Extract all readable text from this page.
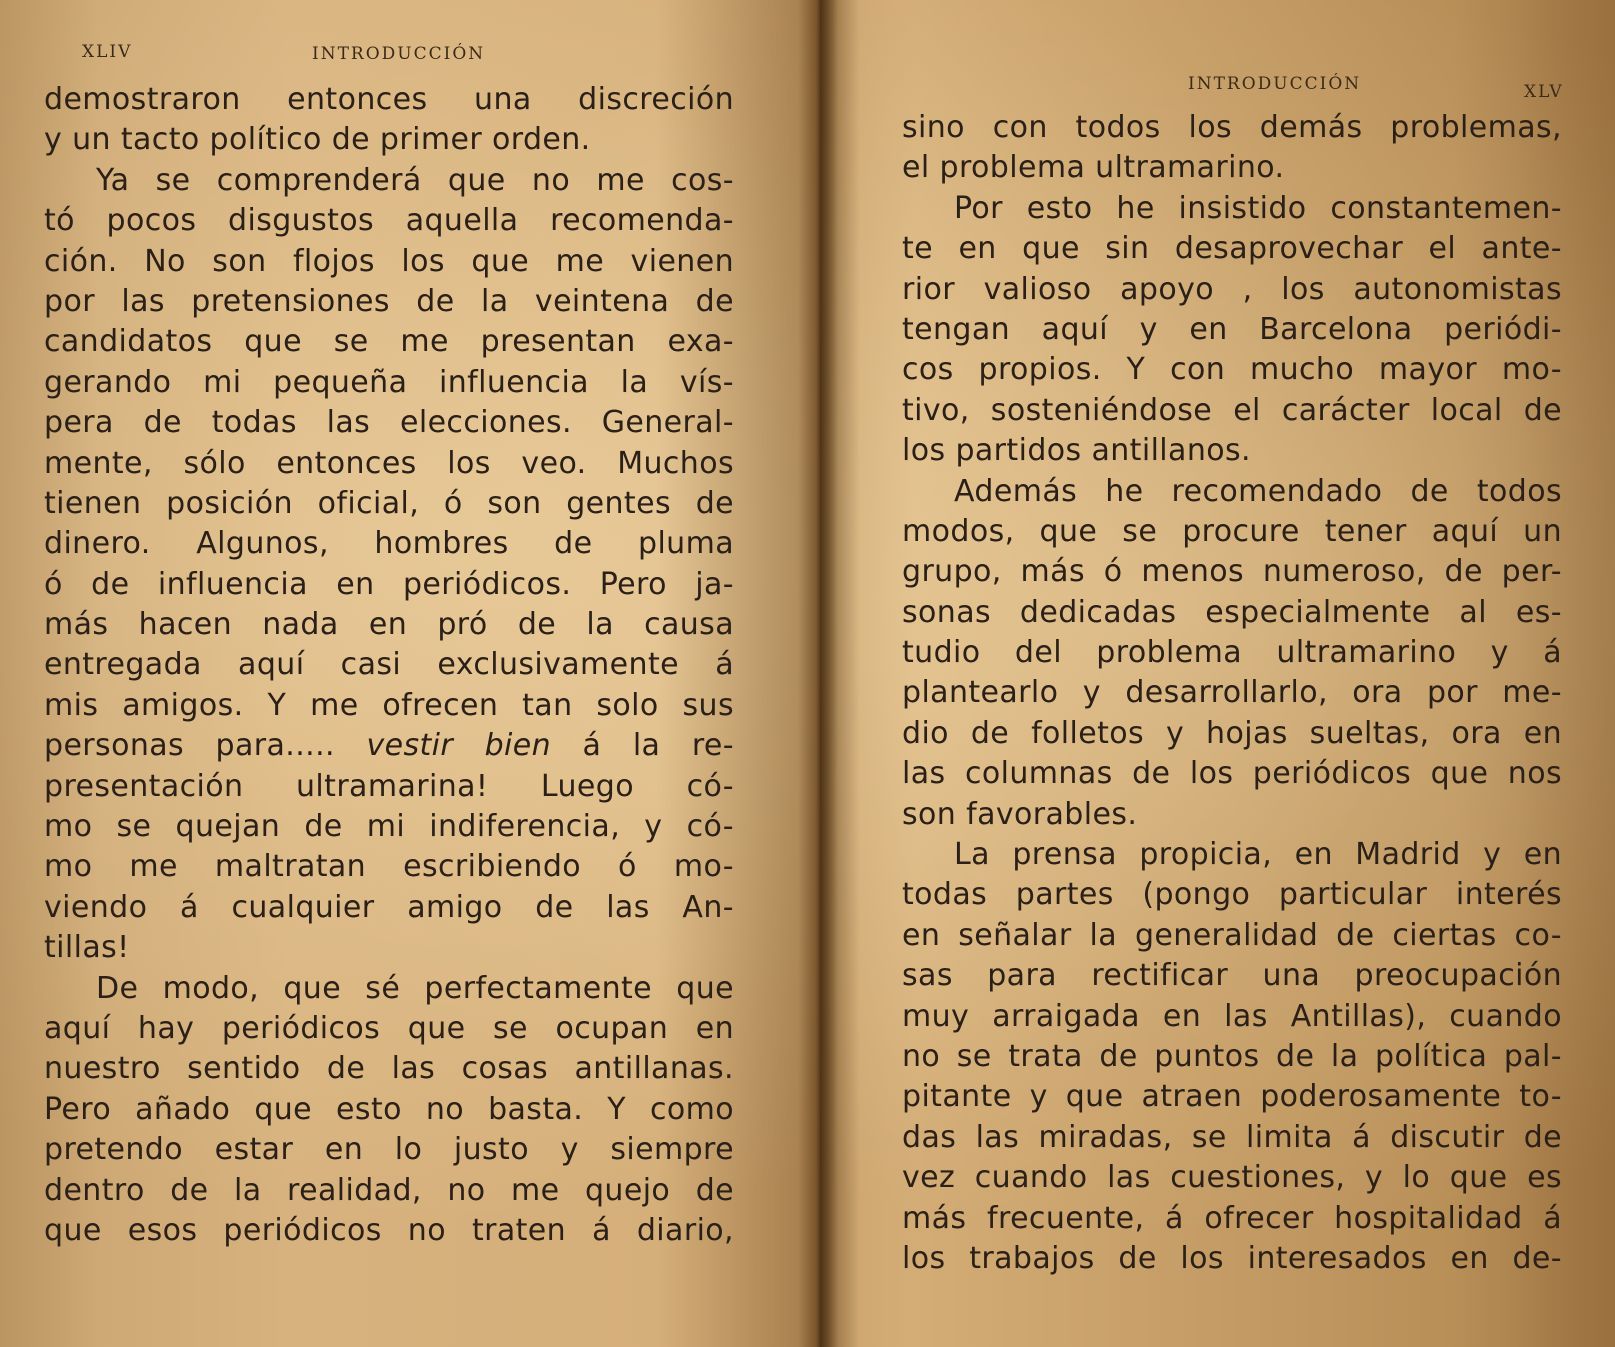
XLIV	INTRODUCCIÓN
demostraron entonces una discreción
y un tacto político de primer orden.
Ya se comprenderá que no me cos-
tó pocos disgustos aquella recomenda-
ción. No son flojos los que me vienen
por las pretensiones de la veintena de
candidatos que se me presentan exa-
gerando mi pequeña influencia la vís-
pera de todas las elecciones. General-
mente, sólo entonces los veo. Muchos
tienen posición oficial, ó son gentes de
dinero. Algunos, hombres de pluma
ó de influencia en periódicos. Pero ja-
más hacen nada en pró de la causa
entregada aquí casi exclusivamente á
mis amigos. Y me ofrecen tan solo sus
personas para..... vestir bien á la re-
presentación ultramarina! Luego có-
mo se quejan de mi indiferencia, y có-
mo me maltratan escribiendo ó mo-
viendo á cualquier amigo de las An-
tillas!
De modo, que sé perfectamente que
aquí hay periódicos que se ocupan en
nuestro sentido de las cosas antillanas.
Pero añado que esto no basta. Y como
pretendo estar en lo justo y siempre
dentro de la realidad, no me quejo de
que esos periódicos no traten á diario,
INTRODUCCIÓN	XLV
sino con todos los demás problemas,
el problema ultramarino.
Por esto he insistido constantemen-
te en que sin desaprovechar el ante-
rior valioso apoyo , los autonomistas
tengan aquí y en Barcelona periódi-
cos propios. Y con mucho mayor mo-
tivo, sosteniéndose el carácter local de
los partidos antillanos.
Además he recomendado de todos
modos, que se procure tener aquí un
grupo, más ó menos numeroso, de per-
sonas dedicadas especialmente al es-
tudio del problema ultramarino y á
plantearlo y desarrollarlo, ora por me-
dio de folletos y hojas sueltas, ora en
las columnas de los periódicos que nos
son favorables.
La prensa propicia, en Madrid y en
todas partes (pongo particular interés
en señalar la generalidad de ciertas co-
sas para rectificar una preocupación
muy arraigada en las Antillas), cuando
no se trata de puntos de la política pal-
pitante y que atraen poderosamente to-
das las miradas, se limita á discutir de
vez cuando las cuestiones, y lo que es
más frecuente, á ofrecer hospitalidad á
los trabajos de los interesados en de-
